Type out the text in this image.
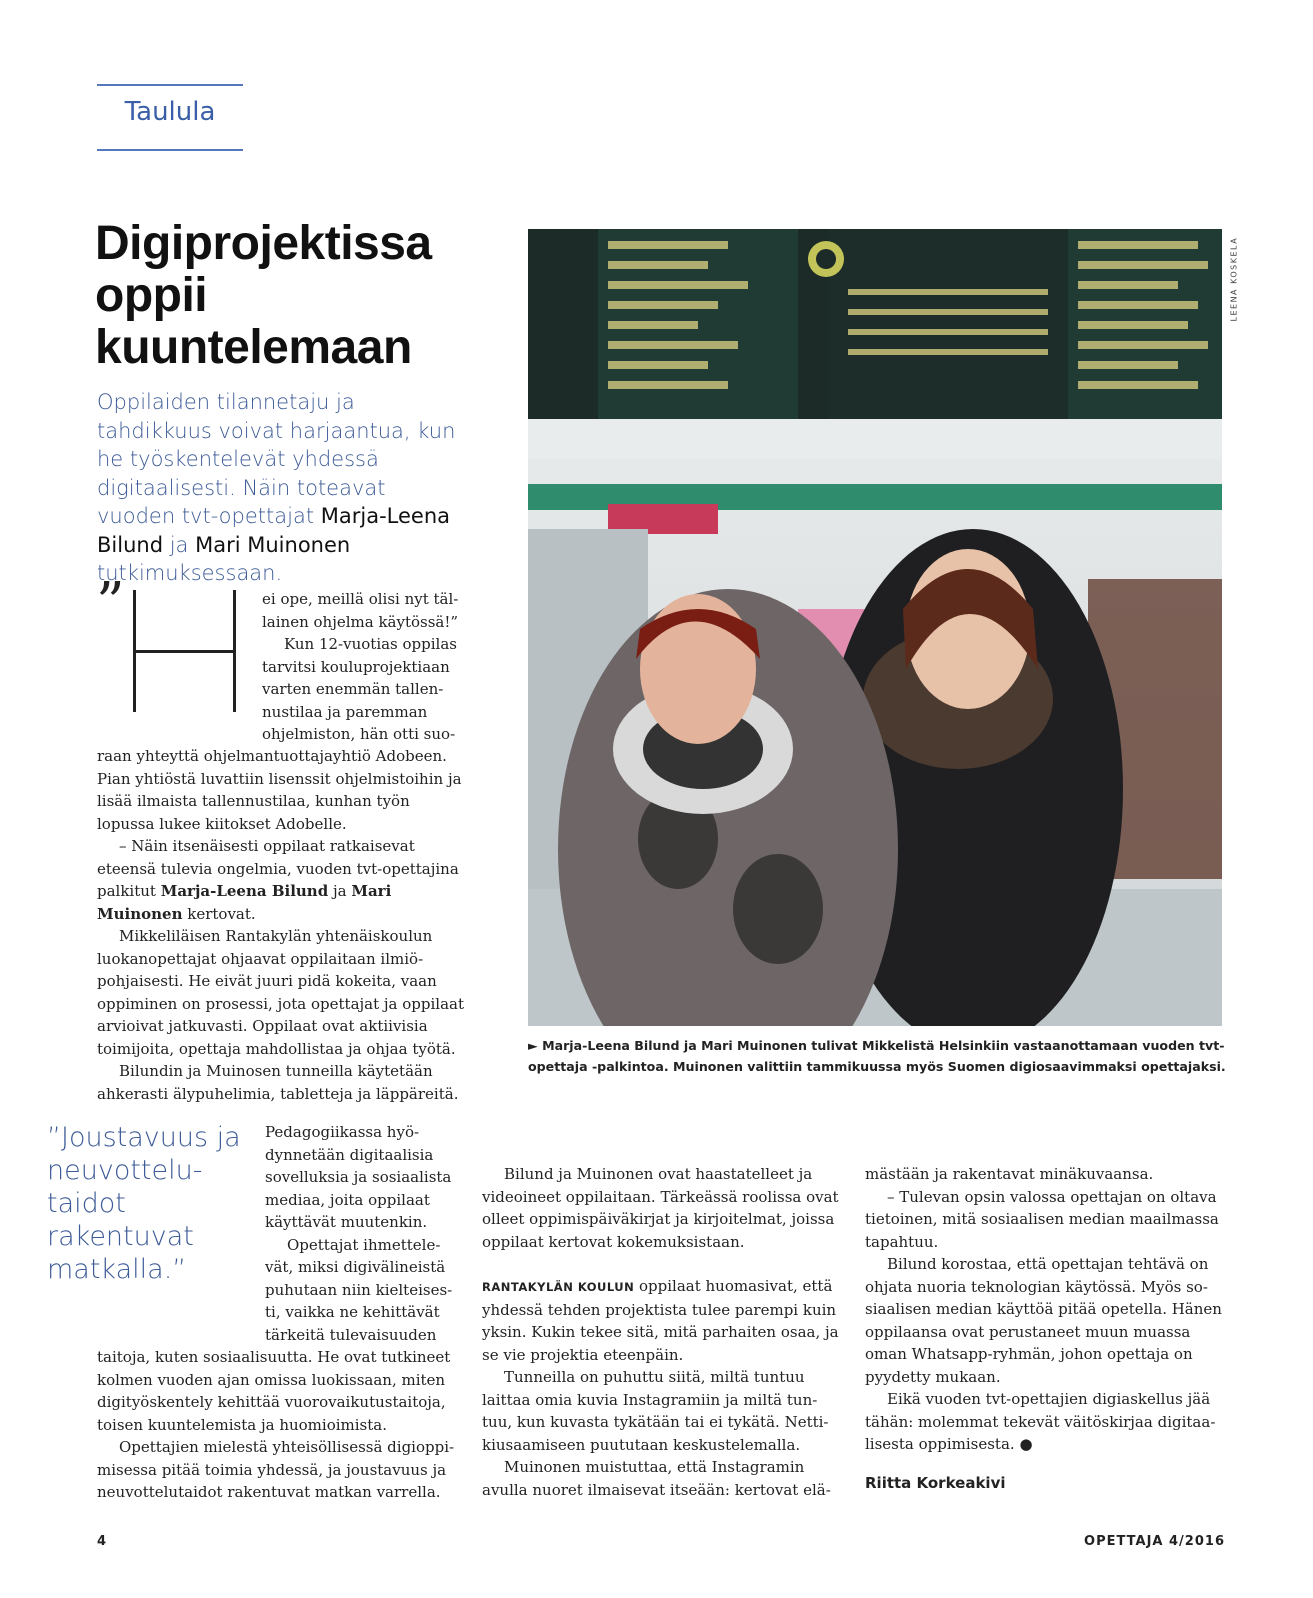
Taulula
Digiprojektissa oppii kuuntelemaan
Oppilaiden tilannetaju ja tahdikkuus voivat harjaantua, kun he työskentelevät yhdessä digitaalisesti. Näin toteavat vuoden tvt-opettajat Marja-Leena Bilund ja Mari Muinonen tutkimuksessaan.
”	ei ope, meillä olisi nyt täl-
lainen ohjelma käytössä!”
Kun 12-vuotias oppilas
tarvitsi kouluprojektiaan
varten enemmän tallen-
nustilaa ja paremman
ohjelmiston, hän otti suo-

raan yhteyttä ohjelmantuottajayhtiö Adobeen. Pian yhtiöstä luvattiin lisenssit ohjelmistoihin ja lisää ilmaista tallennustilaa, kunhan työn lopussa lukee kiitokset Adobelle.

– Näin itsenäisesti oppilaat ratkaisevat eteensä tulevia ongelmia, vuoden tvt-opettajina palkitut Marja-Leena Bilund ja Mari Muinonen kertovat.

Mikkeliläisen Rantakylän yhtenäiskoulun luokanopettajat ohjaavat oppilaitaan ilmiöpohjaisesti. He eivät juuri pidä kokeita, vaan oppiminen on prosessi, jota opettajat ja oppilaat arvioivat jatkuvasti. Oppilaat ovat aktiivisia toimijoita, opettaja mahdollistaa ja ohjaa työtä.

Bilundin ja Muinosen tunneilla käytetään ahkerasti älypuhelimia, tabletteja ja läppäreitä.

Pedagogiikassa hyö-
dynnetään digitaalisia
sovelluksia ja sosiaalista
mediaa, joita oppilaat
käyttävät muutenkin.
Opettajat ihmettele-
vät, miksi digivälineistä
puhutaan niin kielteises-
ti, vaikka ne kehittävät
tärkeitä tulevaisuuden
”Joustavuus ja neuvottelutaidot rakentuvat matkalla.”

taitoja, kuten sosiaalisuutta. He ovat tutkineet kolmen vuoden ajan omissa luokissaan, miten digityöskentely kehittää vuorovaikutustaitoja, toisen kuuntelemista ja huomioimista.

Opettajien mielestä yhteisöllisessä digioppimisessa pitää toimia yhdessä, ja joustavuus ja neuvottelutaidot rakentuvat matkan varrella.

LEENA KOSKELA
► Marja-Leena Bilund ja Mari Muinonen tulivat Mikkelistä Helsinkiin vastaanottamaan vuoden tvt-opettaja -palkintoa. Muinonen valittiin tammikuussa myös Suomen digiosaavimmaksi opettajaksi.

Bilund ja Muinonen ovat haastatelleet ja videoineet oppilaitaan. Tärkeässä roolissa ovat olleet oppimispäiväkirjat ja kirjoitelmat, joissa oppilaat kertovat kokemuksistaan.

RANTAKYLÄN KOULUN oppilaat huomasivat, että yhdessä tehden projektista tulee parempi kuin yksin. Kukin tekee sitä, mitä parhaiten osaa, ja se vie projektia eteenpäin.

Tunneilla on puhuttu siitä, miltä tuntuu laittaa omia kuvia Instagramiin ja miltä tuntuu, kun kuvasta tykätään tai ei tykätä. Nettikiusaamiseen puututaan keskustelemalla.

Muinonen muistuttaa, että Instagramin avulla nuoret ilmaisevat itseään: kertovat elä-

mästään ja rakentavat minäkuvaansa.

– Tulevan opsin valossa opettajan on oltava tietoinen, mitä sosiaalisen median maailmassa tapahtuu.

Bilund korostaa, että opettajan tehtävä on ohjata nuoria teknologian käytössä. Myös sosiaalisen median käyttöä pitää opetella. Hänen oppilaansa ovat perustaneet muun muassa oman Whatsapp-ryhmän, johon opettaja on pyydetty mukaan.

Eikä vuoden tvt-opettajien digiaskellus jää tähän: molemmat tekevät väitöskirjaa digitaalisesta oppimisesta. ●

Riitta Korkeakivi
4	OPETTAJA 4/2016
